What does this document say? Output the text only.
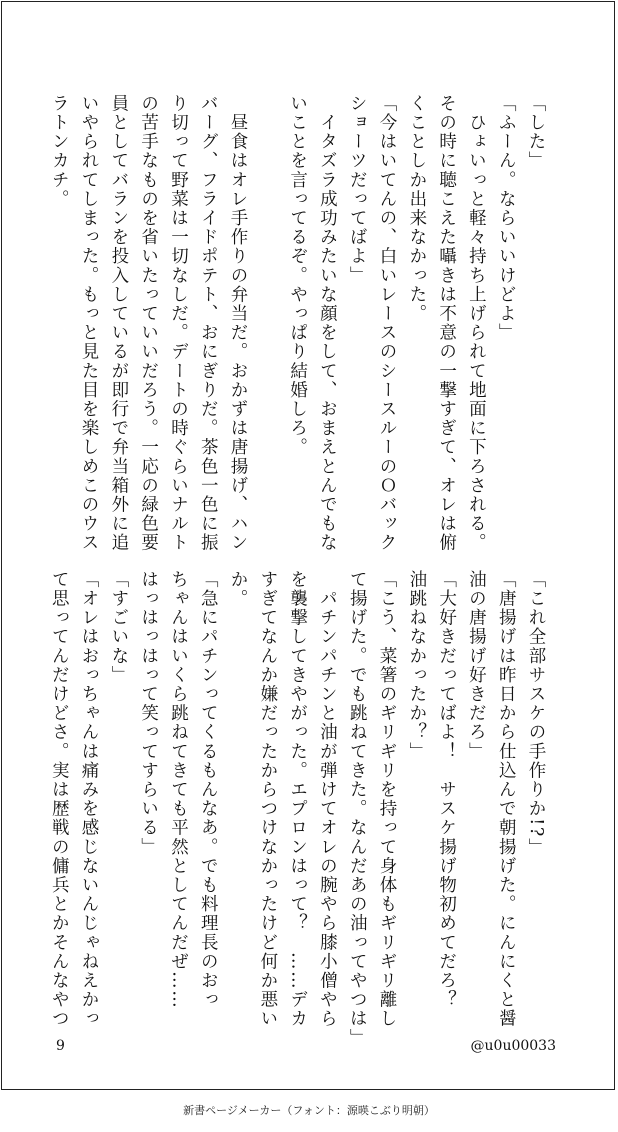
「した」
「ふーん。ならいいけどよ」
　ひょいっと軽々持ち上げられて地面に下ろされる。
その時に聴こえた囁きは不意の一撃すぎて、オレは俯
くことしか出来なかった。
「今はいてんの、白いレースのシースルーのＯバック
ショーツだってばよ」
　イタズラ成功みたいな顔をして、おまえとんでもな
いことを言ってるぞ。やっぱり結婚しろ。

　昼食はオレ手作りの弁当だ。おかずは唐揚げ、ハン
バーグ、フライドポテト、おにぎりだ。茶色一色に振
り切って野菜は一切なしだ。デートの時ぐらいナルト
の苦手なものを省いたっていいだろう。一応の緑色要
員としてバランを投入しているが即行で弁当箱外に追
いやられてしまった。もっと見た目を楽しめこのウス
ラトンカチ。
「これ全部サスケの手作りか!?」
「唐揚げは昨日から仕込んで朝揚げた。にんにくと醤
油の唐揚げ好きだろ」
「大好きだってばよ！　サスケ揚げ物初めてだろ？
油跳ねなかったか？」
「こう、菜箸のギリギリを持って身体もギリギリ離し
て揚げた。でも跳ねてきた。なんだあの油ってやつは」
　パチンパチンと油が弾けてオレの腕やら膝小僧やら
を襲撃してきやがった。エプロンはって？　……デカ
すぎてなんか嫌だったからつけなかったけど何か悪い
か。
「急にパチンってくるもんなあ。でも料理長のおっ
ちゃんはいくら跳ねてきても平然としてんだぜ……
はっはっはって笑ってすらいる」
「すごいな」
「オレはおっちゃんは痛みを感じないんじゃねえかっ
て思ってんだけどさ。実は歴戦の傭兵とかそんなやつ
9	@u0u00033
新書ページメーカー（フォント：源暎こぶり明朝）
